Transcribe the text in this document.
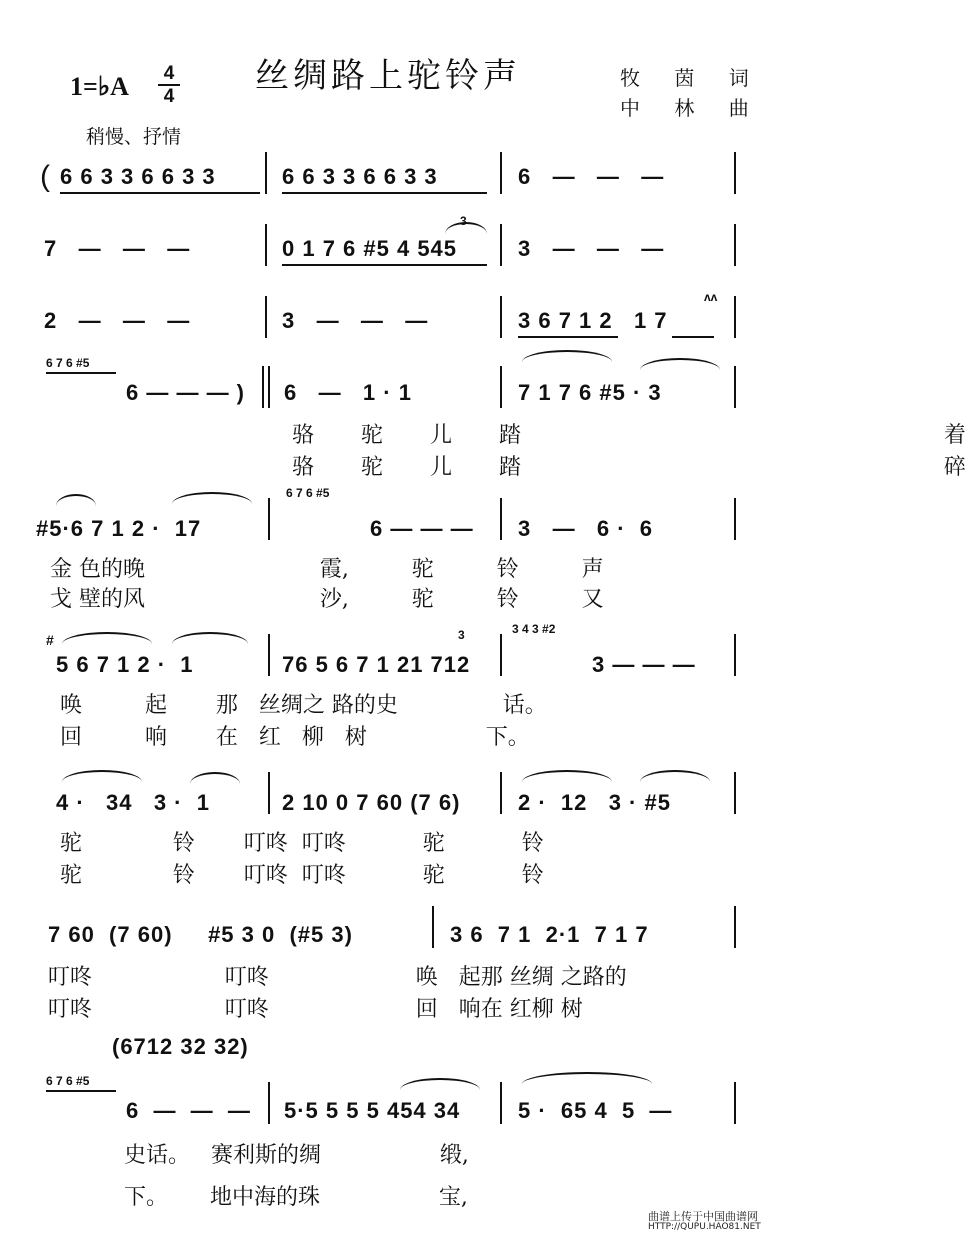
1=♭A	4
4
丝绸路上驼铃声	牧 茵 词
中 林 曲
稍慢、抒情
( 6 6 3 3 6 6 3 3	6 6 3 3 6 6 3 3	6   —   —   —
7   —   —   —	0 1 7 6 #5 4 545	3   —   —   —
3
2   —   —   —	3   —   —   —	3 6 7 1 2   1 7
ʌʌ
6 7 6 #5
6 — — — ) 6   —   1 · 1	7 1 7 6 #5 · 3
骆 驼 儿 踏         着
骆 驼 儿 踏         碎
#5·6 7 1 2 ·  17
6 7 6 #5
6 — — — 3   —   6 ·  6
金 色的晚                         霞,         驼         铃         声
戈 壁的风                         沙,         驼         铃         又
5 6 7 1 2 ·  1
#
76 5 6 7 1 21 712
3	3 4 3 #2
3 — — —
唤         起       那   丝绸之 路的史               话。
回         响       在   红   柳   树                 下。
4 ·   34   3 ·  1	2 10 0 7 60 (7 6)	2 ·  12   3 · #5
驼             铃       叮咚  叮咚           驼           铃
驼             铃       叮咚  叮咚           驼           铃
7 60  (7 60)     #5 3 0  (#5 3)	3 6  7 1  2·1  7 1 7
叮咚                   叮咚                     唤   起那 丝绸 之路的
叮咚                   叮咚                     回   响在 红柳 树
(6712 32 32)
6 7 6 #5
6  —  —  — 5·5 5 5 5 454 34	5 ·  65 4  5  —
史话。   赛利斯的绸                 缎,
下。      地中海的珠                 宝,
曲谱上传于中国曲谱网
HTTP://QUPU.HAO81.NET
